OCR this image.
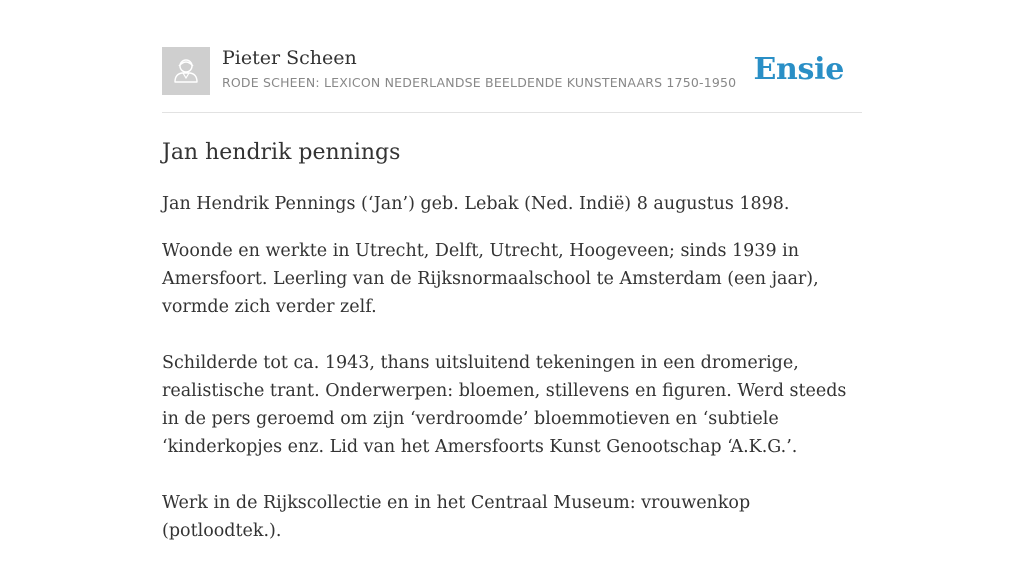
Pieter Scheen
RODE SCHEEN: LEXICON NEDERLANDSE BEELDENDE KUNSTENAARS 1750-1950 Ensie
Jan hendrik pennings

Jan Hendrik Pennings (‘Jan’) geb. Lebak (Ned. Indië) 8 augustus 1898.

Woonde en werkte in Utrecht, Delft, Utrecht, Hoogeveen; sinds 1939 in Amersfoort. Leerling van de Rijksnormaalschool te Amsterdam (een jaar), vormde zich verder zelf.

Schilderde tot ca. 1943, thans uitsluitend tekeningen in een dromerige, realistische trant. Onderwerpen: bloemen, stillevens en figuren. Werd steeds in de pers geroemd om zijn ‘verdroomde’ bloemmotieven en ‘subtiele ‘kinderkopjes enz. Lid van het Amersfoorts Kunst Genootschap ‘A.K.G.’.

Werk in de Rijkscollectie en in het Centraal Museum: vrouwenkop (potloodtek.).
